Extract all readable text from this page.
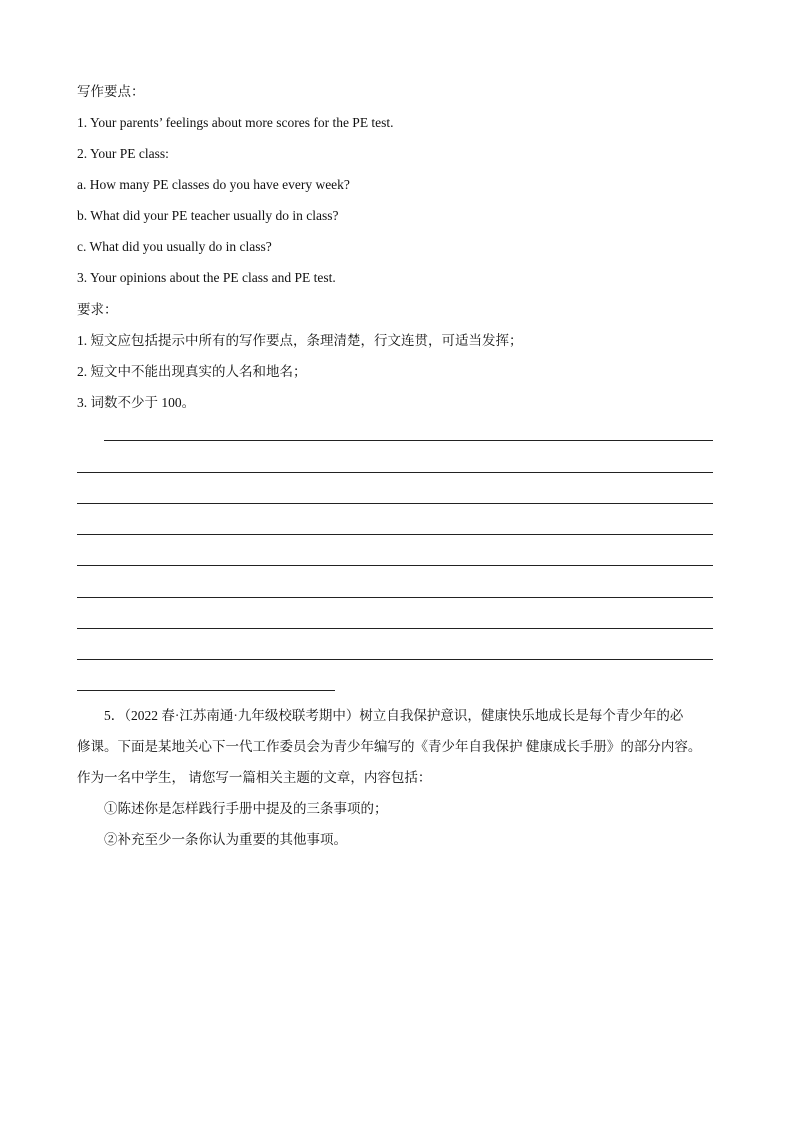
写作要点：
1. Your parents’ feelings about more scores for the PE test.
2. Your PE class:
a. How many PE classes do you have every week?
b. What did your PE teacher usually do in class?
c. What did you usually do in class?
3. Your opinions about the PE class and PE test.
要求：
1. 短文应包括提示中所有的写作要点，条理清楚，行文连贯，可适当发挥；
2. 短文中不能出现真实的人名和地名；
3. 词数不少于 100。
5．（2022 春·江苏南通·九年级校联考期中）树立自我保护意识，健康快乐地成长是每个青少年的必
修课。下面是某地关心下一代工作委员会为青少年编写的《青少年自我保护 健康成长手册》的部分内容。
作为一名中学生， 请您写一篇相关主题的文章，内容包括：
①陈述你是怎样践行手册中提及的三条事项的；
②补充至少一条你认为重要的其他事项。
